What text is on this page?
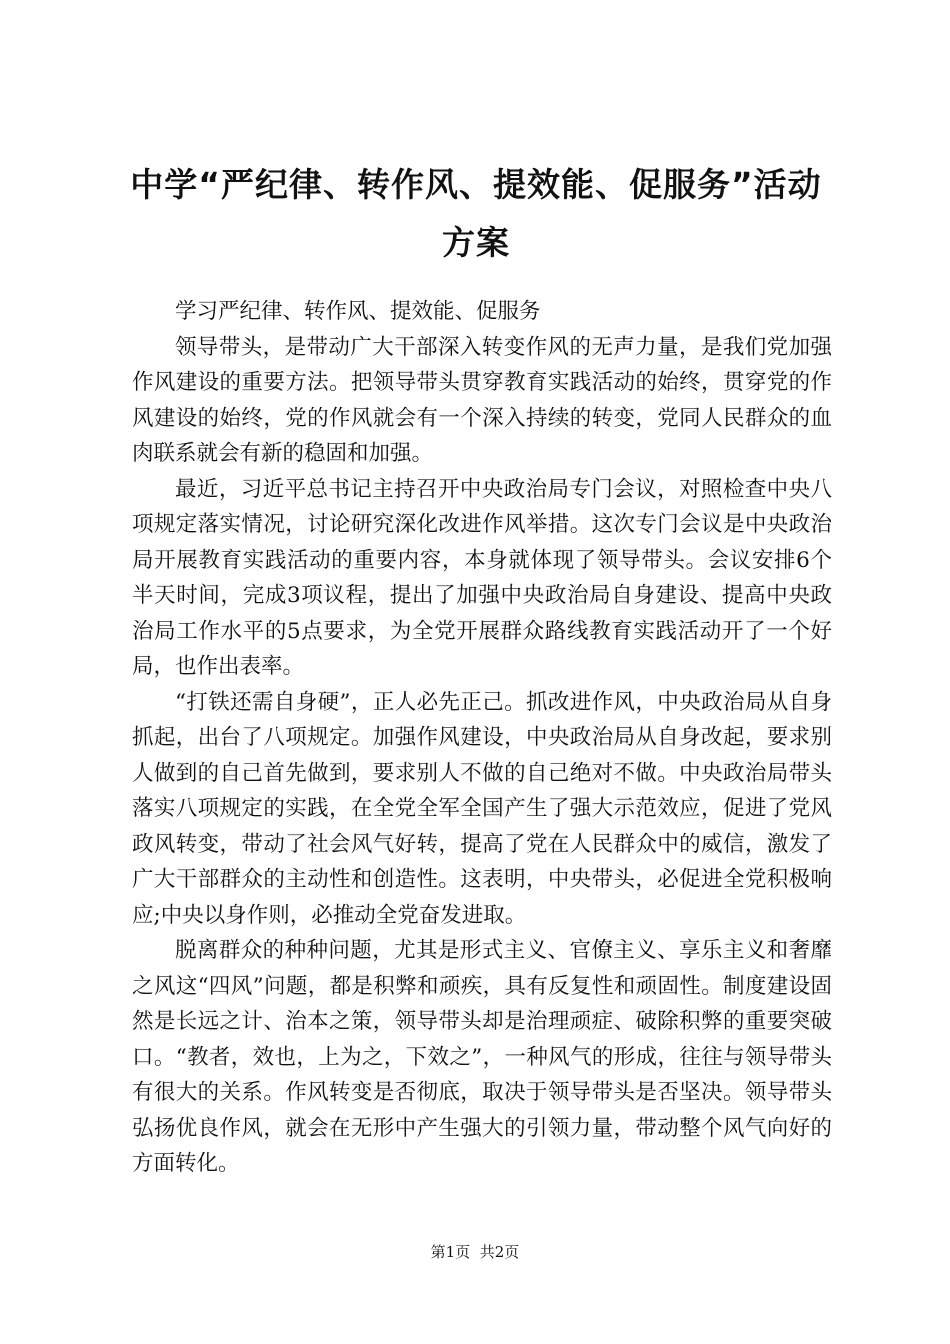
中学“严纪律、转作风、提效能、促服务”活动方案

学习严纪律、转作风、提效能、促服务

领导带头，是带动广大干部深入转变作风的无声力量，是我们党加强作风建设的重要方法。把领导带头贯穿教育实践活动的始终，贯穿党的作风建设的始终，党的作风就会有一个深入持续的转变，党同人民群众的血肉联系就会有新的稳固和加强。

最近，习近平总书记主持召开中央政治局专门会议，对照检查中央八项规定落实情况，讨论研究深化改进作风举措。这次专门会议是中央政治局开展教育实践活动的重要内容，本身就体现了领导带头。会议安排6个半天时间，完成3项议程，提出了加强中央政治局自身建设、提高中央政治局工作水平的5点要求，为全党开展群众路线教育实践活动开了一个好局，也作出表率。

“打铁还需自身硬”，正人必先正己。抓改进作风，中央政治局从自身抓起，出台了八项规定。加强作风建设，中央政治局从自身改起，要求别人做到的自己首先做到，要求别人不做的自己绝对不做。中央政治局带头落实八项规定的实践，在全党全军全国产生了强大示范效应，促进了党风政风转变，带动了社会风气好转，提高了党在人民群众中的威信，激发了广大干部群众的主动性和创造性。这表明，中央带头，必促进全党积极响应;中央以身作则，必推动全党奋发进取。

脱离群众的种种问题，尤其是形式主义、官僚主义、享乐主义和奢靡之风这“四风”问题，都是积弊和顽疾，具有反复性和顽固性。制度建设固然是长远之计、治本之策，领导带头却是治理顽症、破除积弊的重要突破口。“教者，效也，上为之，下效之”，一种风气的形成，往往与领导带头有很大的关系。作风转变是否彻底，取决于领导带头是否坚决。领导带头弘扬优良作风，就会在无形中产生强大的引领力量，带动整个风气向好的方面转化。

第1页 共2页
